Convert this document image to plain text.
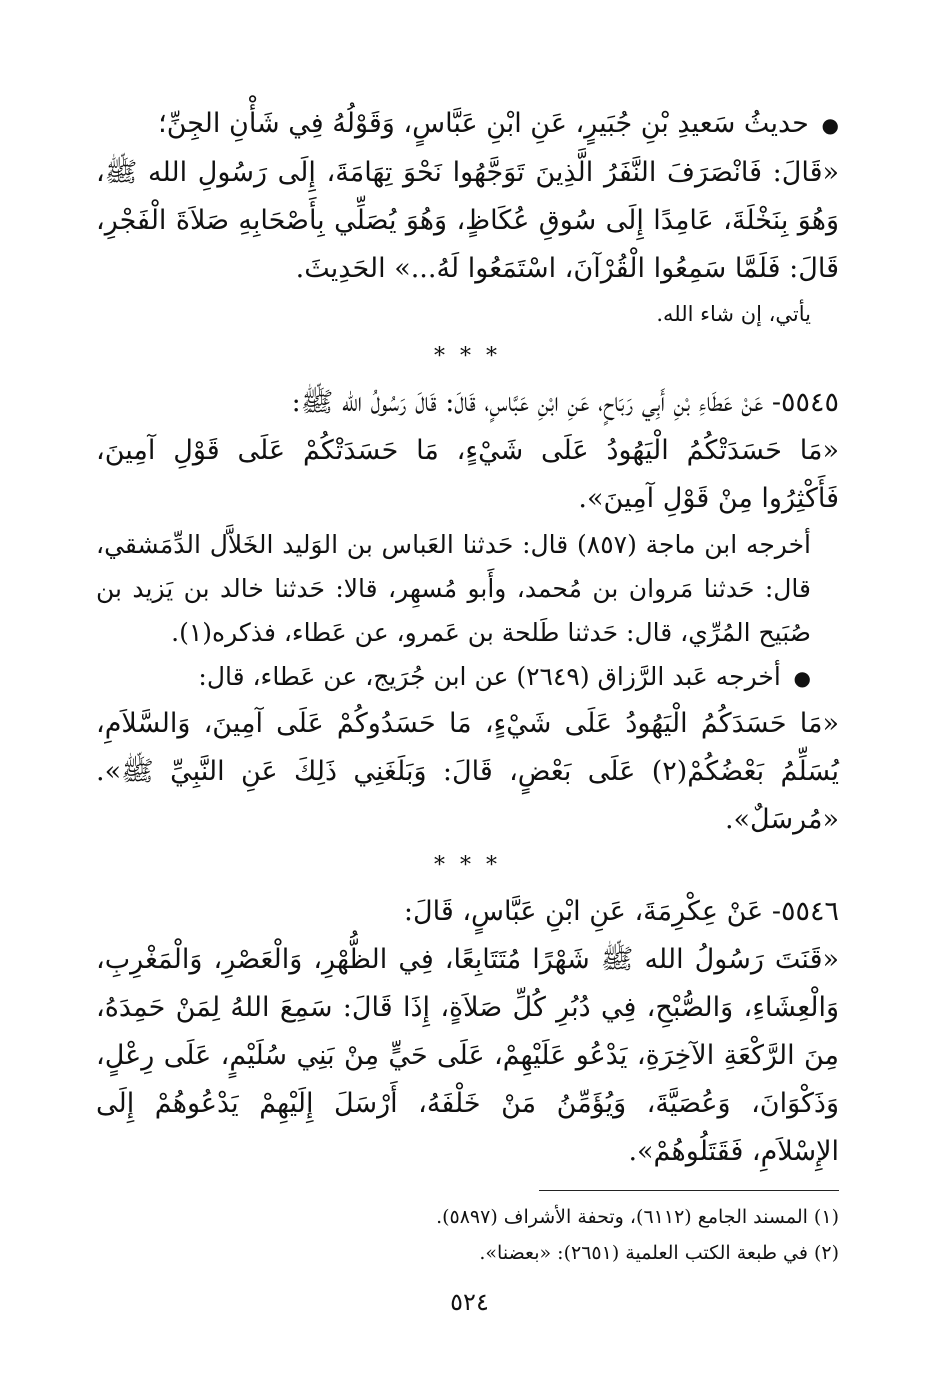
●  حديثُ سَعيدِ بْنِ جُبَيرٍ، عَنِ ابْنِ عَبَّاسٍ، وَقَوْلُهُ فِي شَأْنِ الجِنِّ؛

«قَالَ: فَانْصَرَفَ النَّفَرُ الَّذِينَ تَوَجَّهُوا نَحْوَ تِهَامَةَ، إِلَى رَسُولِ الله ﷺ، وَهُوَ بِنَخْلَةَ، عَامِدًا إِلَى سُوقِ عُكَاظٍ، وَهُوَ يُصَلِّي بِأَصْحَابِهِ صَلاَةَ الْفَجْرِ، قَالَ: فَلَمَّا سَمِعُوا الْقُرْآنَ، اسْتَمَعُوا لَهُ...» الحَدِيثَ.

يأتي، إن شاء الله.

* * *

٥٥٤٥- عَنْ عَطَاءِ بْنِ أَبِي رَبَاحٍ، عَنِ ابْنِ عَبَّاسٍ، قَالَ: قَالَ رَسُولُ الله ﷺ:

«مَا حَسَدَتْكُمُ الْيَهُودُ عَلَى شَيْءٍ، مَا حَسَدَتْكُمْ عَلَى قَوْلِ آمِينَ، فَأَكْثِرُوا مِنْ قَوْلِ آمِينَ».

أخرجه ابن ماجة (٨٥٧) قال: حَدثنا العَباس بن الوَليد الخَلاَّل الدِّمَشقي، قال: حَدثنا مَروان بن مُحمد، وأَبو مُسهِر، قالا: حَدثنا خالد بن يَزيد بن صُبَيح المُرِّي، قال: حَدثنا طَلحة بن عَمرو، عن عَطاء، فذكره(١).

●  أخرجه عَبد الرَّزاق (٢٦٤٩) عن ابن جُرَيج، عن عَطاء، قال:

«مَا حَسَدَكُمُ الْيَهُودُ عَلَى شَيْءٍ، مَا حَسَدُوكُمْ عَلَى آمِينَ، وَالسَّلاَمِ، يُسَلِّمُ بَعْضُكُمْ(٢) عَلَى بَعْضٍ، قَالَ: وَبَلَغَنِي ذَلِكَ عَنِ النَّبِيِّ ﷺ». «مُرسَلٌ».

* * *

٥٥٤٦- عَنْ عِكْرِمَةَ، عَنِ ابْنِ عَبَّاسٍ، قَالَ:

«قَنَتَ رَسُولُ الله ﷺ شَهْرًا مُتَتَابِعًا، فِي الظُّهْرِ، وَالْعَصْرِ، وَالْمَغْرِبِ، وَالْعِشَاءِ، وَالصُّبْحِ، فِي دُبُرِ كُلِّ صَلاَةٍ، إِذَا قَالَ: سَمِعَ اللهُ لِمَنْ حَمِدَهُ، مِنَ الرَّكْعَةِ الآخِرَةِ، يَدْعُو عَلَيْهِمْ، عَلَى حَيٍّ مِنْ بَنِي سُلَيْمٍ، عَلَى رِعْلٍ، وَذَكْوَانَ، وَعُصَيَّةَ، وَيُؤَمِّنُ مَنْ خَلْفَهُ، أَرْسَلَ إِلَيْهِمْ يَدْعُوهُمْ إِلَى الإِسْلاَمِ، فَقَتَلُوهُمْ».

(١) المسند الجامع (٦١١٢)، وتحفة الأشراف (٥٨٩٧).

(٢) في طبعة الكتب العلمية (٢٦٥١): «بعضنا».

٥٢٤
